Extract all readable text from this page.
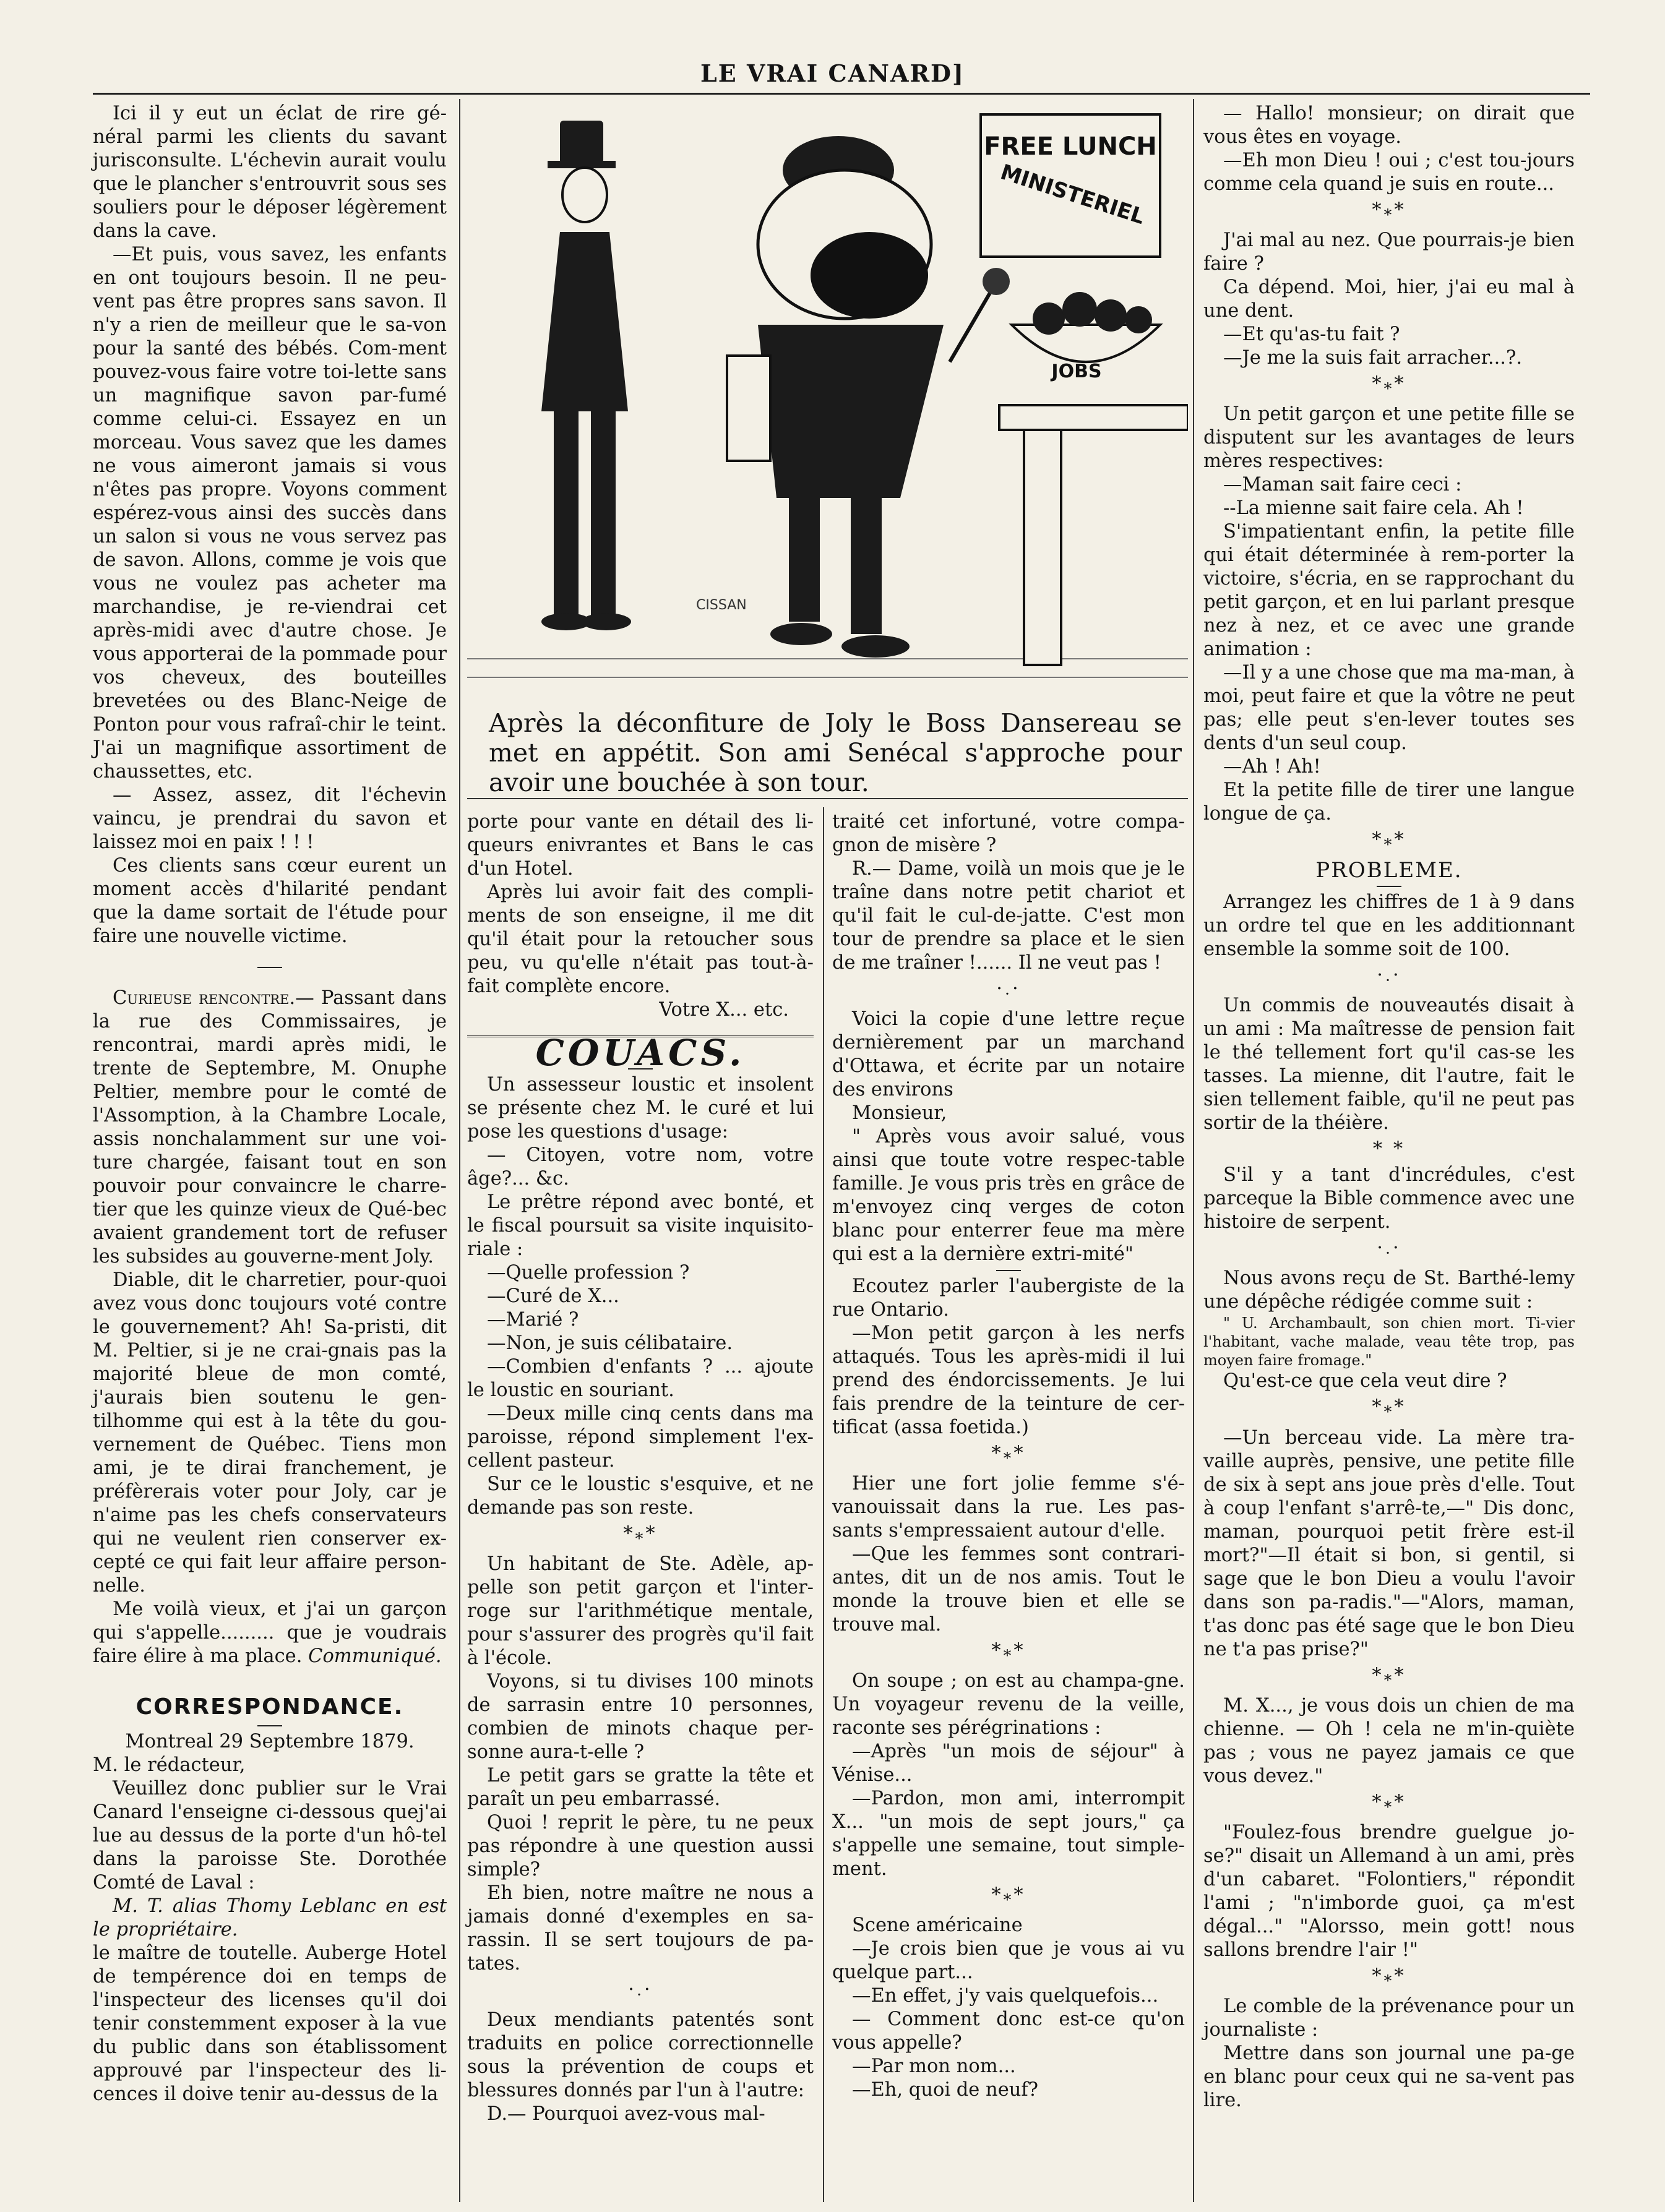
LE VRAI CANARD]

Ici il y eut un éclat de rire gé-néral parmi les clients du savant jurisconsulte. L'échevin aurait voulu que le plancher s'entrouvrit sous ses souliers pour le déposer légèrement dans la cave.

—Et puis, vous savez, les enfants en ont toujours besoin. Il ne peu-vent pas être propres sans savon. Il n'y a rien de meilleur que le sa-von pour la santé des bébés. Com-ment pouvez-vous faire votre toi-lette sans un magnifique savon par-fumé comme celui-ci. Essayez en un morceau. Vous savez que les dames ne vous aimeront jamais si vous n'êtes pas propre. Voyons comment espérez-vous ainsi des succès dans un salon si vous ne vous servez pas de savon. Allons, comme je vois que vous ne voulez pas acheter ma marchandise, je re-viendrai cet après-midi avec d'autre chose. Je vous apporterai de la pommade pour vos cheveux, des bouteilles brevetées ou des Blanc-Neige de Ponton pour vous rafraî-chir le teint. J'ai un magnifique assortiment de chaussettes, etc.

— Assez, assez, dit l'échevin vaincu, je prendrai du savon et laissez moi en paix ! ! !

Ces clients sans cœur eurent un moment accès d'hilarité pendant que la dame sortait de l'étude pour faire une nouvelle victime.

Curieuse rencontre.— Passant dans la rue des Commissaires, je rencontrai, mardi après midi, le trente de Septembre, M. Onuphe Peltier, membre pour le comté de l'Assomption, à la Chambre Locale, assis nonchalamment sur une voi-ture chargée, faisant tout en son pouvoir pour convaincre le charre-tier que les quinze vieux de Qué-bec avaient grandement tort de refuser les subsides au gouverne-ment Joly.

Diable, dit le charretier, pour-quoi avez vous donc toujours voté contre le gouvernement? Ah! Sa-pristi, dit M. Peltier, si je ne crai-gnais pas la majorité bleue de mon comté, j'aurais bien soutenu le gen-tilhomme qui est à la tête du gou-vernement de Québec. Tiens mon ami, je te dirai franchement, je préfèrerais voter pour Joly, car je n'aime pas les chefs conservateurs qui ne veulent rien conserver ex-cepté ce qui fait leur affaire person-nelle.

Me voilà vieux, et j'ai un garçon qui s'appelle......... que je voudrais faire élire à ma place. Communiqué.

CORRESPONDANCE.

Montreal 29 Septembre 1879.

M. le rédacteur,

Veuillez donc publier sur le Vrai Canard l'enseigne ci-dessous quej'ai lue au dessus de la porte d'un hô-tel dans la paroisse Ste. Dorothée Comté de Laval :

M. T. alias Thomy Leblanc en est le propriétaire.

le maître de toutelle. Auberge Hotel de tempérence doi en temps de l'inspecteur des licenses qu'il doi tenir constemment exposer à la vue du public dans son établissoment approuvé par l'inspecteur des li-cences il doive tenir au-dessus de la

FREE LUNCH
MINISTERIEL
JOBS
CISSAN
Après la déconfiture de Joly le Boss Dansereau se met en appétit. Son ami Senécal s'approche pour avoir une bouchée à son tour.

porte pour vante en détail des li-queurs enivrantes et Bans le cas d'un Hotel.

Après lui avoir fait des compli-ments de son enseigne, il me dit qu'il était pour la retoucher sous peu, vu qu'elle n'était pas tout-à-fait complète encore.

Votre X... etc.

COUACS.

Un assesseur loustic et insolent se présente chez M. le curé et lui pose les questions d'usage:

— Citoyen, votre nom, votre âge?... &c.

Le prêtre répond avec bonté, et le fiscal poursuit sa visite inquisito-riale :

—Quelle profession ?

—Curé de X...

—Marié ?

—Non, je suis célibataire.

—Combien d'enfants ? ... ajoute le loustic en souriant.

—Deux mille cinq cents dans ma paroisse, répond simplement l'ex-cellent pasteur.

Sur ce le loustic s'esquive, et ne demande pas son reste.

$*_**$

Un habitant de Ste. Adèle, ap-pelle son petit garçon et l'inter-roge sur l'arithmétique mentale, pour s'assurer des progrès qu'il fait à l'école.

Voyons, si tu divises 100 minots de sarrasin entre 10 personnes, combien de minots chaque per-sonne aura-t-elle ?

Le petit gars se gratte la tête et paraît un peu embarrassé.

Quoi ! reprit le père, tu ne peux pas répondre à une question aussi simple?

Eh bien, notre maître ne nous a jamais donné d'exemples en sa-rassin. Il se sert toujours de pa-tates.

$\cdot_\cdot\cdot$

Deux mendiants patentés sont traduits en police correctionnelle sous la prévention de coups et blessures donnés par l'un à l'autre:

D.— Pourquoi avez-vous mal-

traité cet infortuné, votre compa-gnon de misère ?

R.— Dame, voilà un mois que je le traîne dans notre petit chariot et qu'il fait le cul-de-jatte. C'est mon tour de prendre sa place et le sien de me traîner !...... Il ne veut pas !

$\cdot_\cdot\cdot$

Voici la copie d'une lettre reçue dernièrement par un marchand d'Ottawa, et écrite par un notaire des environs

Monsieur,

" Après vous avoir salué, vous ainsi que toute votre respec-table famille. Je vous pris très en grâce de m'envoyez cinq verges de coton blanc pour enterrer feue ma mère qui est a la dernière extri-mité"

Ecoutez parler l'aubergiste de la rue Ontario.

—Mon petit garçon à les nerfs attaqués. Tous les après-midi il lui prend des éndorcissements. Je lui fais prendre de la teinture de cer-tificat (assa foetida.)

$*_**$

Hier une fort jolie femme s'é-vanouissait dans la rue. Les pas-sants s'empressaient autour d'elle.

—Que les femmes sont contrari-antes, dit un de nos amis. Tout le monde la trouve bien et elle se trouve mal.

$*_**$

On soupe ; on est au champa-gne. Un voyageur revenu de la veille, raconte ses pérégrinations :

—Après "un mois de séjour" à Vénise...

—Pardon, mon ami, interrompit X... "un mois de sept jours," ça s'appelle une semaine, tout simple-ment.

$*_**$

Scene américaine

—Je crois bien que je vous ai vu quelque part...

—En effet, j'y vais quelquefois...

— Comment donc est-ce qu'on vous appelle?

—Par mon nom...

—Eh, quoi de neuf?

— Hallo! monsieur; on dirait que vous êtes en voyage.

—Eh mon Dieu ! oui ; c'est tou-jours comme cela quand je suis en route...

$*_**$

J'ai mal au nez. Que pourrais-je bien faire ?

Ca dépend. Moi, hier, j'ai eu mal à une dent.

—Et qu'as-tu fait ?

—Je me la suis fait arracher...?.

$*_**$

Un petit garçon et une petite fille se disputent sur les avantages de leurs mères respectives:

—Maman sait faire ceci :

--La mienne sait faire cela. Ah !

S'impatientant enfin, la petite fille qui était déterminée à rem-porter la victoire, s'écria, en se rapprochant du petit garçon, et en lui parlant presque nez à nez, et ce avec une grande animation :

—Il y a une chose que ma ma-man, à moi, peut faire et que la vôtre ne peut pas; elle peut s'en-lever toutes ses dents d'un seul coup.

—Ah ! Ah!

Et la petite fille de tirer une langue longue de ça.

$*_**$
PROBLEME.

Arrangez les chiffres de 1 à 9 dans un ordre tel que en les additionnant ensemble la somme soit de 100.

$\cdot_\cdot\cdot$

Un commis de nouveautés disait à un ami : Ma maîtresse de pension fait le thé tellement fort qu'il cas-se les tasses. La mienne, dit l'autre, fait le sien tellement faible, qu'il ne peut pas sortir de la théière.

* *

S'il y a tant d'incrédules, c'est parceque la Bible commence avec une histoire de serpent.

$\cdot_\cdot\cdot$

Nous avons reçu de St. Barthé-lemy une dépêche rédigée comme suit :

" U. Archambault, son chien mort. Ti-vier l'habitant, vache malade, veau tête trop, pas moyen faire fromage."

Qu'est-ce que cela veut dire ?

$*_**$

—Un berceau vide. La mère tra-vaille auprès, pensive, une petite fille de six à sept ans joue près d'elle. Tout à coup l'enfant s'arrê-te,—" Dis donc, maman, pourquoi petit frère est-il mort?"—Il était si bon, si gentil, si sage que le bon Dieu a voulu l'avoir dans son pa-radis."—"Alors, maman, t'as donc pas été sage que le bon Dieu ne t'a pas prise?"

$*_**$

M. X..., je vous dois un chien de ma chienne. — Oh ! cela ne m'in-quiète pas ; vous ne payez jamais ce que vous devez."

$*_**$

"Foulez-fous brendre guelgue jo-se?" disait un Allemand à un ami, près d'un cabaret. "Folontiers," répondit l'ami ; "n'imborde guoi, ça m'est dégal..." "Alorsso, mein gott! nous sallons brendre l'air !"

$*_**$

Le comble de la prévenance pour un journaliste :

Mettre dans son journal une pa-ge en blanc pour ceux qui ne sa-vent pas lire.
